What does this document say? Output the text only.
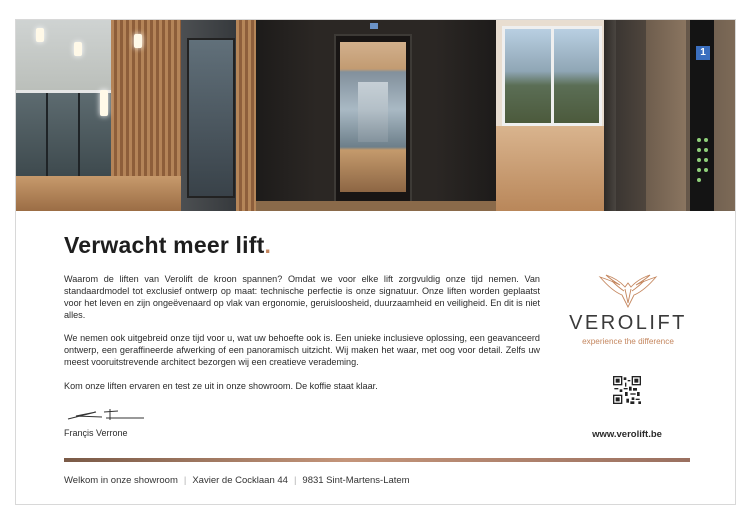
1
Verwacht meer lift.

Waarom de liften van Verolift de kroon spannen? Omdat we voor elke lift zorgvuldig onze tijd nemen. Van standaardmodel tot exclusief ontwerp op maat: technische perfectie is onze signatuur. Onze liften worden geplaatst voor het leven en zijn ongeëvenaard op vlak van ergonomie, geruisloosheid, duurzaamheid en veiligheid. En dit is niet alles.

We nemen ook uitgebreid onze tijd voor u, wat uw behoefte ook is. Een unieke inclusieve oplossing, een geavanceerd ontwerp, een geraffineerde afwerking of een panoramisch uitzicht. Wij maken het waar, met oog voor detail. Zelfs uw meest vooruitstrevende architect bezorgen wij een creatieve verademing.

Kom onze liften ervaren en test ze uit in onze showroom. De koffie staat klaar.

Françis Verrone
VEROLIFT
experience the difference
www.verolift.be
Welkom in onze showroom | Xavier de Cocklaan 44 | 9831 Sint-Martens-Latem
